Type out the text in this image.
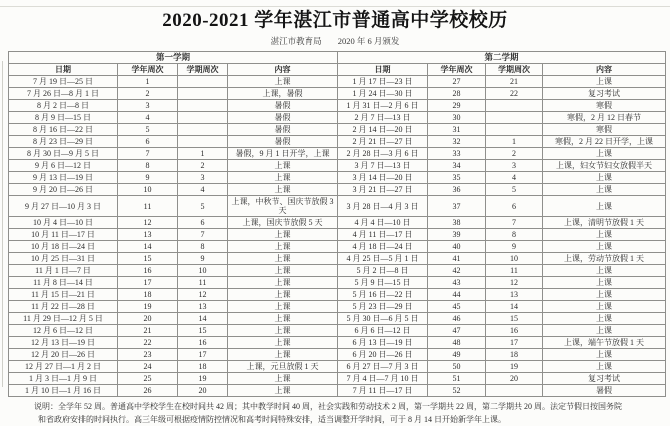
2020-2021 学年湛江市普通高中学校校历
湛江市教育局 2020 年 6 月颁发
第一学期				第二学期			
日期	学年周次	学期周次	内容	日期	学年周次	学期周次	内容
7 月 19 日—25 日	1		上课	1 月 17 日—23 日	27	21	上课
7 月 26 日—8 月 1 日	2		上课，暑假	1 月 24 日—30 日	28	22	复习考试
8 月 2 日—8 日	3		暑假	1 月 31 日—2 月 6 日	29		寒假
8 月 9 日—15 日	4		暑假	2 月 7 日—13 日	30		寒假，2 月 12 日春节
8 月 16 日—22 日	5		暑假	2 月 14 日—20 日	31		寒假
8 月 23 日—29 日	6		暑假	2 月 21 日—27 日	32	1	寒假，2 月 22 日开学，上课
8 月 30 日—9 月 5 日	7	1	暑假，9 月 1 日开学，上课	2 月 28 日—3 月 6 日	33	2	上课
9 月 6 日—12 日	8	2	上课	3 月 7 日—13 日	34	3	上课，妇女节妇女放假半天
9 月 13 日—19 日	9	3	上课	3 月 14 日—20 日	35	4	上课
9 月 20 日—26 日	10	4	上课	3 月 21 日—27 日	36	5	上课
9 月 27 日—10 月 3 日	11	5	上课，中秋节、国庆节放假 3 天	3 月 28 日—4 月 3 日	37	6	上课
10 月 4 日—10 日	12	6	上课，国庆节放假 5 天	4 月 4 日—10 日	38	7	上课，清明节放假 1 天
10 月 11 日—17 日	13	7	上课	4 月 11 日—17 日	39	8	上课
10 月 18 日—24 日	14	8	上课	4 月 18 日—24 日	40	9	上课
10 月 25 日—31 日	15	9	上课	4 月 25 日—5 月 1 日	41	10	上课，劳动节放假 1 天
11 月 1 日—7 日	16	10	上课	5 月 2 日—8 日	42	11	上课
11 月 8 日—14 日	17	11	上课	5 月 9 日—15 日	43	12	上课
11 月 15 日—21 日	18	12	上课	5 月 16 日—22 日	44	13	上课
11 月 22 日—28 日	19	13	上课	5 月 23 日—29 日	45	14	上课
11 月 29 日—12 月 5 日	20	14	上课	5 月 30 日—6 月 5 日	46	15	上课
12 月 6 日—12 日	21	15	上课	6 月 6 日—12 日	47	16	上课
12 月 13 日—19 日	22	16	上课	6 月 13 日—19 日	48	17	上课，端午节放假 1 天
12 月 20 日—26 日	23	17	上课	6 月 20 日—26 日	49	18	上课
12 月 27 日—1 月 2 日	24	18	上课，元旦放假 1 天	6 月 27 日—7 月 3 日	50	19	上课
1 月 3 日—1 月 9 日	25	19	上课	7 月 4 日—7 月 10 日	51	20	复习考试
1 月 10 日—1 月 16 日	26	20	上课	7 月 11 日—17 日	52		暑假

说明：全学年 52 周。普通高中学校学生在校时间共 42 周；其中教学时间 40 周，社会实践和劳动技术 2 周，第一学期共 22 周，第二学期共 20 周。法定节假日按国务院
和省政府安排的时间执行。高三年级可根据疫情防控情况和高考时间特殊安排，适当调整开学时间，可于 8 月 14 日开始新学年上课。
